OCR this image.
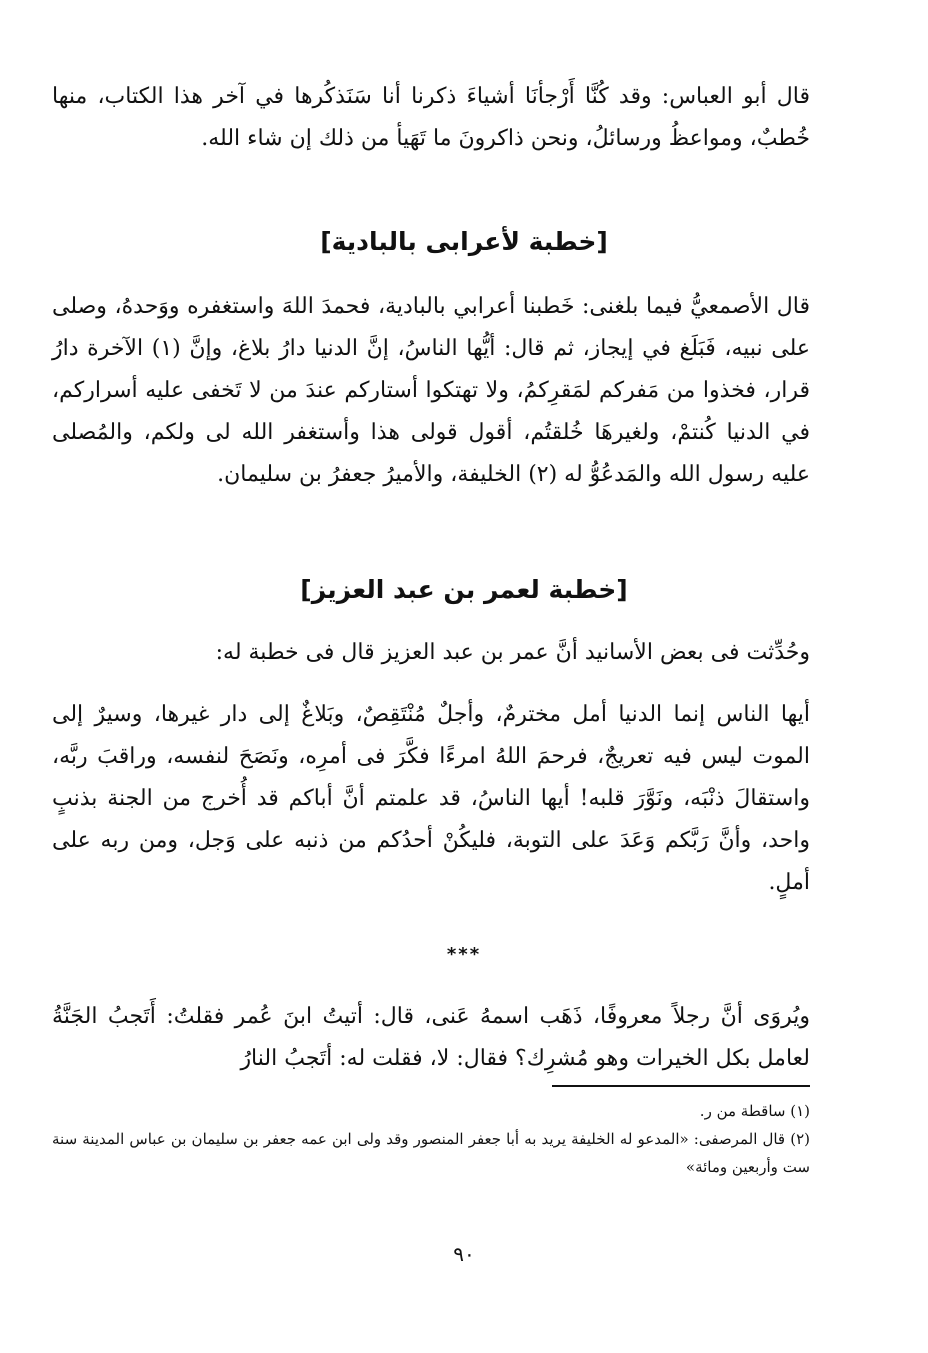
قال أبو العباس: وقد كُنَّا أَرْجأنَا أشياءَ ذكرنا أنا سَنَذكُرها في آخر هذا الكتاب، منها خُطبٌ، ومواعظُ ورسائلُ، ونحن ذاكرونَ ما تَهَيأ من ذلك إن شاء الله.

[خطبة لأعرابى بالبادية]

قال الأصمعيُّ فيما بلغنى: خَطبنا أعرابي بالبادية، فحمدَ اللهَ واستغفره ووَحدهُ، وصلى على نبيه، فَبَلَغ في إيجاز، ثم قال: أيُّها الناسُ، إنَّ الدنيا دارُ بلاغ، وإنَّ (١) الآخرة دارُ قرار، فخذوا من مَفركم لمَقرِكمُ، ولا تهتكوا أستاركم عندَ من لا تَخفى عليه أسراركم، في الدنيا كُنتمْ، ولغيرهَا خُلقتُم، أقول قولى هذا وأستغفر الله لى ولكم، والمُصلى عليه رسول الله والمَدعُوُّ له (٢) الخليفة، والأميرُ جعفرُ بن سليمان.

[خطبة لعمر بن عبد العزيز]

وحُدِّثت فى بعض الأسانيد أنَّ عمر بن عبد العزيز قال فى خطبة له:

أيها الناس إنما الدنيا أمل مخترمٌ، وأجلٌ مُنْتَقِصٌ، وبَلاغٌ إلى دار غيرها، وسيرٌ إلى الموت ليس فيه تعريجٌ، فرحمَ اللهُ امرءًا فكَّرَ فى أمرِه، ونَصَحَ لنفسه، وراقبَ ربَّه، واستقالَ ذنْبَه، ونَوَّرَ قلبه! أيها الناسُ، قد علمتم أنَّ أباكم قد أُخرج من الجنة بذنبٍ واحد، وأنَّ رَبَّكم وَعَدَ على التوبة، فليكُنْ أحدُكم من ذنبه على وَجل، ومن ربه على أملٍ.

***

ويُروَى أنَّ رجلاً معروفًا، ذَهَب اسمهُ عَنى، قال: أتيتُ ابنَ عُمر فقلتُ: أَتَجبُ الجَنَّةُ لعامل بكل الخيرات وهو مُشرِك؟ فقال: لا، فقلت له: أتَجبُ النارُ

(١) ساقطة من ر.

(٢) قال المرصفى: «المدعو له الخليفة يريد به أبا جعفر المنصور وقد ولى ابن عمه جعفر بن سليمان بن عباس المدينة سنة ست وأربعين ومائة»

٩٠
